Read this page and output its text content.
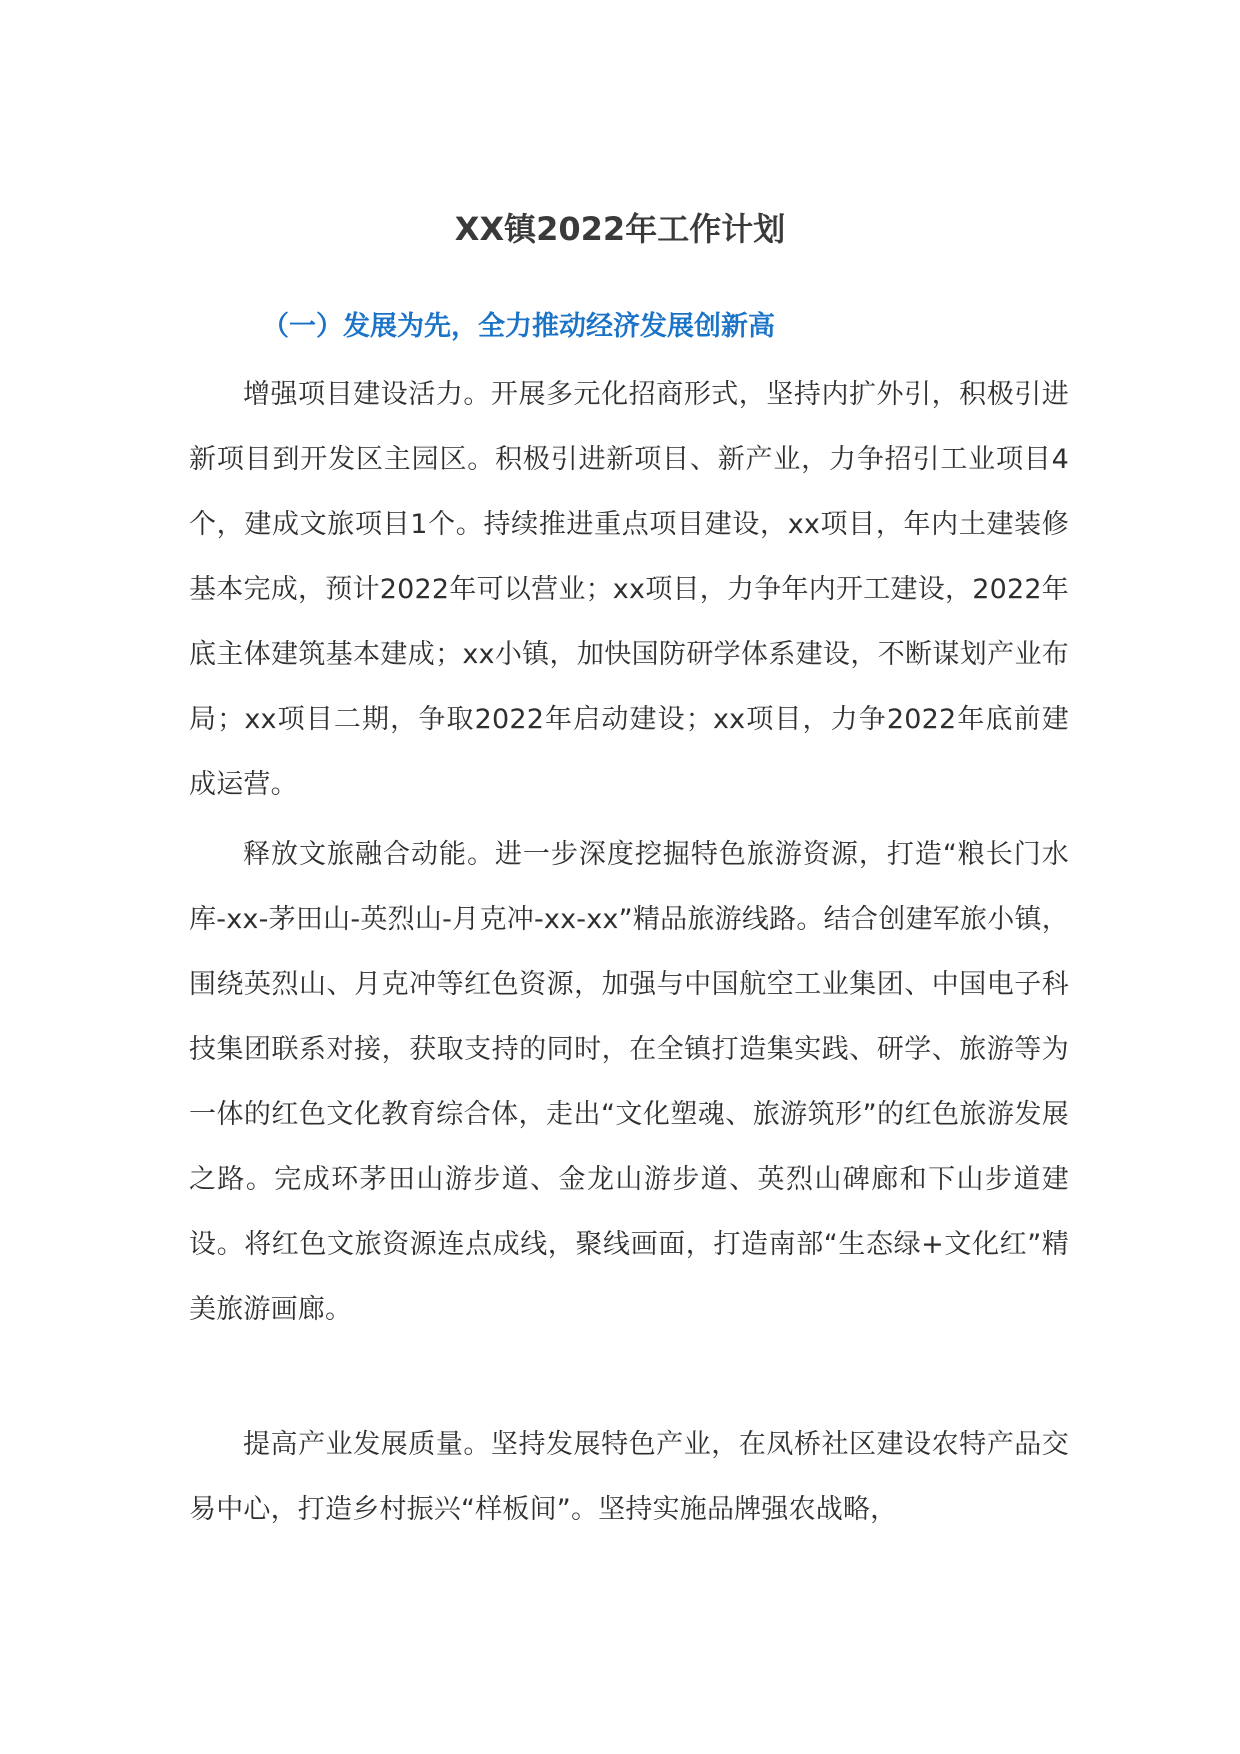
XX镇2022年工作计划
（一）发展为先，全力推动经济发展创新高

增强项目建设活力。开展多元化招商形式，坚持内扩外引，积极引进新项目到开发区主园区。积极引进新项目、新产业，力争招引工业项目4个，建成文旅项目1个。持续推进重点项目建设，xx项目，年内土建装修基本完成，预计2022年可以营业；xx项目，力争年内开工建设，2022年底主体建筑基本建成；xx小镇，加快国防研学体系建设，不断谋划产业布局；xx项目二期，争取2022年启动建设；xx项目，力争2022年底前建成运营。

释放文旅融合动能。进一步深度挖掘特色旅游资源，打造“粮长门水库-xx-茅田山-英烈山-月克冲-xx-xx”精品旅游线路。结合创建军旅小镇，围绕英烈山、月克冲等红色资源，加强与中国航空工业集团、中国电子科技集团联系对接，获取支持的同时，在全镇打造集实践、研学、旅游等为一体的红色文化教育综合体，走出“文化塑魂、旅游筑形”的红色旅游发展之路。完成环茅田山游步道、金龙山游步道、英烈山碑廊和下山步道建设。将红色文旅资源连点成线，聚线画面，打造南部“生态绿+文化红”精美旅游画廊。

提高产业发展质量。坚持发展特色产业，在凤桥社区建设农特产品交易中心，打造乡村振兴“样板间”。坚持实施品牌强农战略，
